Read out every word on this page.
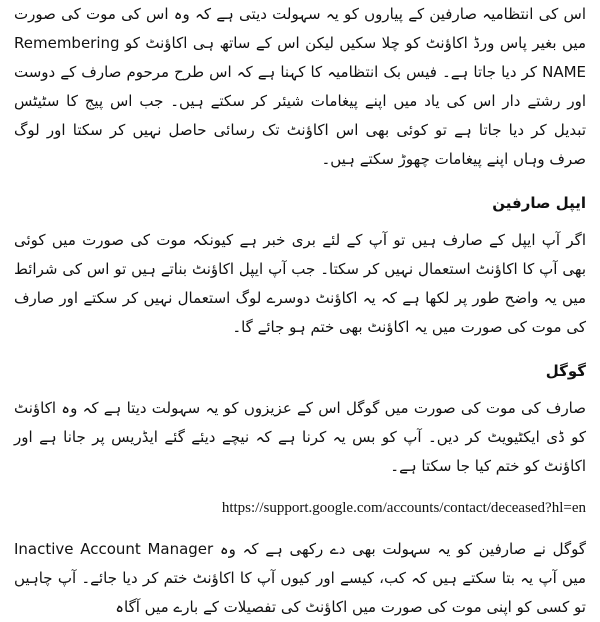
اس کی انتظامیہ صارفین کے پیاروں کو یہ سہولت دیتی ہے کہ وہ اس کی موت کی صورت میں بغیر پاس ورڈ اکاؤنٹ کو چلا سکیں لیکن اس کے ساتھ ہی اکاؤنٹ کو Remembering NAME کر دیا جاتا ہے۔ فیس بک انتظامیہ کا کہنا ہے کہ اس طرح مرحوم صارف کے دوست اور رشتے دار اس کی یاد میں اپنے پیغامات شیئر کر سکتے ہیں۔ جب اس پیج کا سٹیٹس تبدیل کر دیا جاتا ہے تو کوئی بھی اس اکاؤنٹ تک رسائی حاصل نہیں کر سکتا اور لوگ صرف وہاں اپنے پیغامات چھوڑ سکتے ہیں۔

ایپل صارفین

اگر آپ ایپل کے صارف ہیں تو آپ کے لئے بری خبر ہے کیونکہ موت کی صورت میں کوئی بھی آپ کا اکاؤنٹ استعمال نہیں کر سکتا۔ جب آپ ایپل اکاؤنٹ بناتے ہیں تو اس کی شرائط میں یہ واضح طور پر لکھا ہے کہ یہ اکاؤنٹ دوسرے لوگ استعمال نہیں کر سکتے اور صارف کی موت کی صورت میں یہ اکاؤنٹ بھی ختم ہو جائے گا۔

گوگل

صارف کی موت کی صورت میں گوگل اس کے عزیزوں کو یہ سہولت دیتا ہے کہ وہ اکاؤنٹ کو ڈی ایکٹیویٹ کر دیں۔ آپ کو بس یہ کرنا ہے کہ نیچے دیئے گئے ایڈریس پر جانا ہے اور اکاؤنٹ کو ختم کیا جا سکتا ہے۔

https://support.google.com/accounts/contact/deceased?hl=en

گوگل نے صارفین کو یہ سہولت بھی دے رکھی ہے کہ وہ Inactive Account Manager میں آپ یہ بتا سکتے ہیں کہ کب، کیسے اور کیوں آپ کا اکاؤنٹ ختم کر دیا جائے۔ آپ چاہیں تو کسی کو اپنی موت کی صورت میں اکاؤنٹ کی تفصیلات کے بارے میں آگاہ
